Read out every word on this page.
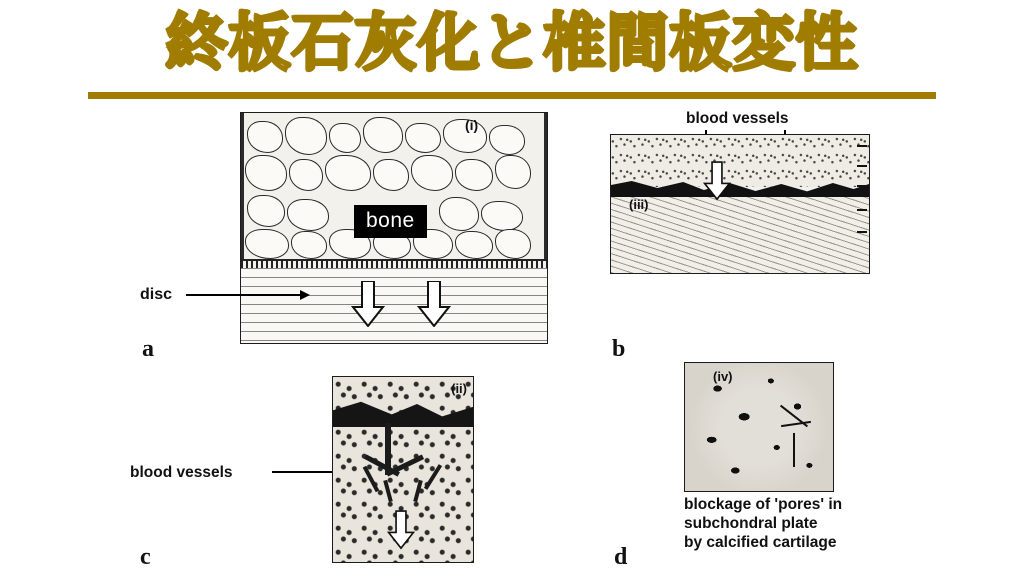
終板石灰化と椎間板変性
(i)
bone
disc
a
blood vessels
(iii)
b
blood vessels
(ii)
c
(iv)
blockage of 'pores' in
subchondral plate
by calcified cartilage
d
